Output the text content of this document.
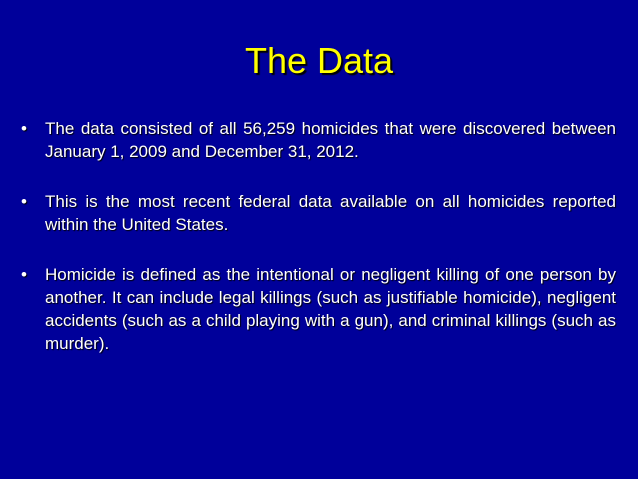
The Data
•	The data consisted of all 56,259 homicides that were discovered between January 1, 2009 and December 31, 2012.
•	This is the most recent federal data available on all homicides reported within the United States.
•	Homicide is defined as the intentional or negligent killing of one person by another. It can include legal killings (such as justifiable homicide), negligent accidents (such as a child playing with a gun), and criminal killings (such as murder).
